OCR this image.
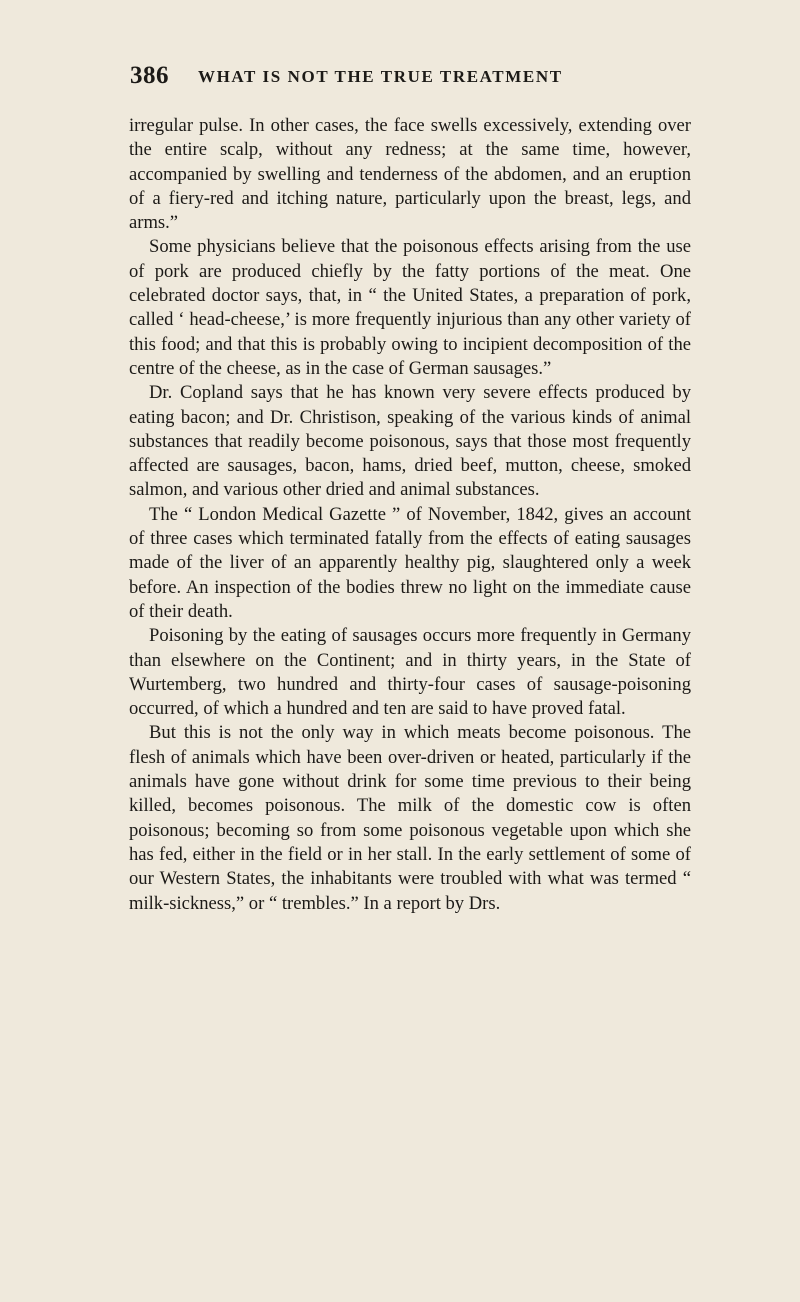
386 WHAT IS NOT THE TRUE TREATMENT

irregular pulse. In other cases, the face swells excessively, extending over the entire scalp, without any redness; at the same time, however, accompanied by swelling and tenderness of the abdomen, and an eruption of a fiery-red and itching nature, particularly upon the breast, legs, and arms.”

Some physicians believe that the poisonous effects arising from the use of pork are produced chiefly by the fatty portions of the meat. One celebrated doctor says, that, in “ the United States, a preparation of pork, called ‘ head-cheese,’ is more frequently injurious than any other variety of this food; and that this is probably owing to incipient decomposition of the centre of the cheese, as in the case of German sausages.”

Dr. Copland says that he has known very severe effects produced by eating bacon; and Dr. Christison, speaking of the various kinds of animal substances that readily become poisonous, says that those most frequently affected are sausages, bacon, hams, dried beef, mutton, cheese, smoked salmon, and various other dried and animal substances.

The “ London Medical Gazette ” of November, 1842, gives an account of three cases which terminated fatally from the effects of eating sausages made of the liver of an apparently healthy pig, slaughtered only a week before. An inspection of the bodies threw no light on the immediate cause of their death.

Poisoning by the eating of sausages occurs more frequently in Germany than elsewhere on the Continent; and in thirty years, in the State of Wurtemberg, two hundred and thirty-four cases of sausage-poisoning occurred, of which a hundred and ten are said to have proved fatal.

But this is not the only way in which meats become poisonous. The flesh of animals which have been over-driven or heated, particularly if the animals have gone without drink for some time previous to their being killed, becomes poisonous. The milk of the domestic cow is often poisonous; becoming so from some poisonous vegetable upon which she has fed, either in the field or in her stall. In the early settlement of some of our Western States, the inhabitants were troubled with what was termed “ milk-sickness,” or “ trembles.” In a report by Drs.
